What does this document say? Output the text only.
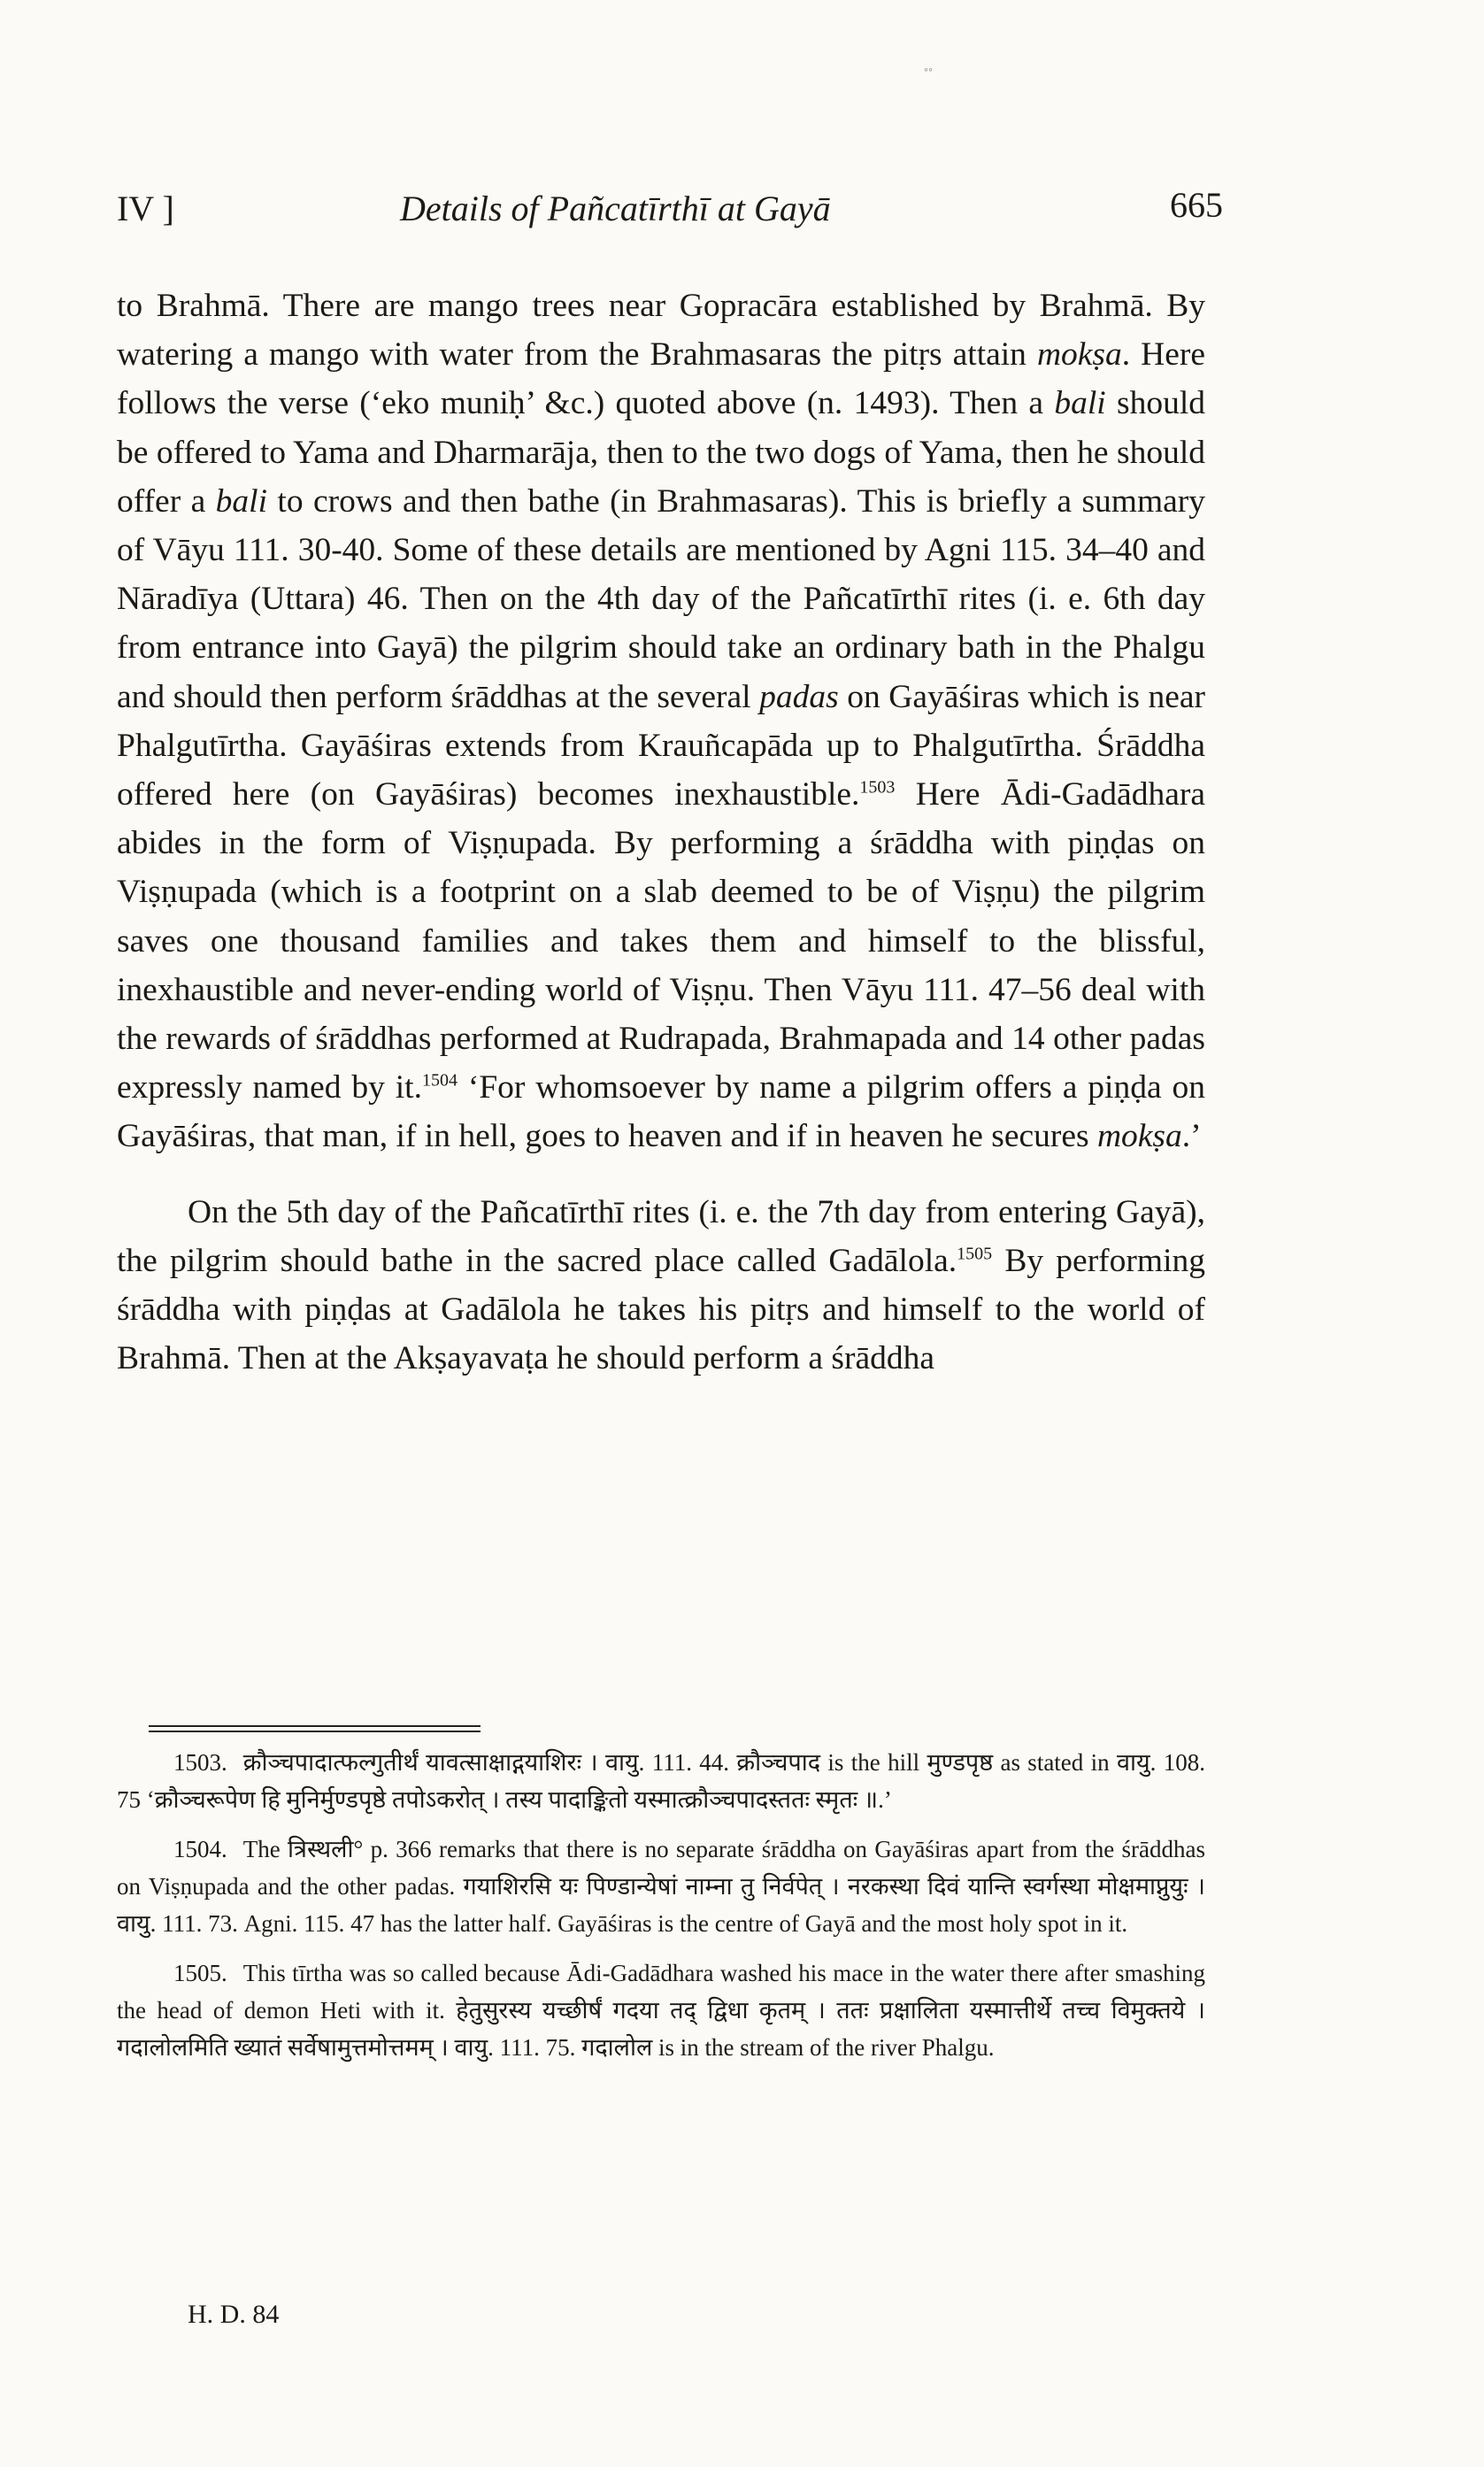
◦◦
IV ]	Details of Pañcatīrthī at Gayā	665

to Brahmā. There are mango trees near Gopracāra established by Brahmā. By watering a mango with water from the Brahmasaras the pitṛs attain mokṣa. Here follows the verse (‘eko muniḥ’ &c.) quoted above (n. 1493). Then a bali should be offered to Yama and Dharmarāja, then to the two dogs of Yama, then he should offer a bali to crows and then bathe (in Brahmasaras). This is briefly a summary of Vāyu 111. 30-40. Some of these details are mentioned by Agni 115. 34–40 and Nāradīya (Uttara) 46. Then on the 4th day of the Pañcatīrthī rites (i. e. 6th day from entrance into Gayā) the pilgrim should take an ordinary bath in the Phalgu and should then perform śrāddhas at the several padas on Gayāśiras which is near Phalgutīrtha. Gayāśiras extends from Krauñcapāda up to Phalgutīrtha. Śrāddha offered here (on Gayāśiras) becomes inexhaustible.$^{1503}$ Here Ādi-Gadādhara abides in the form of Viṣṇupada. By performing a śrāddha with piṇḍas on Viṣṇupada (which is a footprint on a slab deemed to be of Viṣṇu) the pilgrim saves one thousand families and takes them and himself to the blissful, inexhaustible and never-ending world of Viṣṇu. Then Vāyu 111. 47–56 deal with the rewards of śrāddhas performed at Rudrapada, Brahmapada and 14 other padas expressly named by it.$^{1504}$ ‘For whomsoever by name a pilgrim offers a piṇḍa on Gayāśiras, that man, if in hell, goes to heaven and if in heaven he secures mokṣa.’

On the 5th day of the Pañcatīrthī rites (i. e. the 7th day from entering Gayā), the pilgrim should bathe in the sacred place called Gadālola.$^{1505}$ By performing śrāddha with piṇḍas at Gadālola he takes his pitṛs and himself to the world of Brahmā. Then at the Akṣayavaṭa he should perform a śrāddha

1503. क्रौञ्चपादात्फल्गुतीर्थं यावत्साक्षाद्गयाशिरः । वायु. 111. 44. क्रौञ्चपाद is the hill मुण्डपृष्ठ as stated in वायु. 108. 75 ‘क्रौञ्चरूपेण हि मुनिर्मुण्डपृष्ठे तपोऽकरोत् । तस्य पादाङ्कितो यस्मात्क्रौञ्चपादस्ततः स्मृतः ॥.’

1504. The त्रिस्थली° p. 366 remarks that there is no separate śrāddha on Gayāśiras apart from the śrāddhas on Viṣṇupada and the other padas. गयाशिरसि यः पिण्डान्येषां नाम्ना तु निर्वपेत् । नरकस्था दिवं यान्ति स्वर्गस्था मोक्षमाप्नुयुः । वायु. 111. 73. Agni. 115. 47 has the latter half. Gayāśiras is the centre of Gayā and the most holy spot in it.

1505. This tīrtha was so called because Ādi-Gadādhara washed his mace in the water there after smashing the head of demon Heti with it. हेतुसुरस्य यच्छीर्षं गदया तद् द्विधा कृतम् । ततः प्रक्षालिता यस्मात्तीर्थे तच्च विमुक्तये । गदालोलमिति ख्यातं सर्वेषामुत्तमोत्तमम् । वायु. 111. 75. गदालोल is in the stream of the river Phalgu.

H. D. 84
